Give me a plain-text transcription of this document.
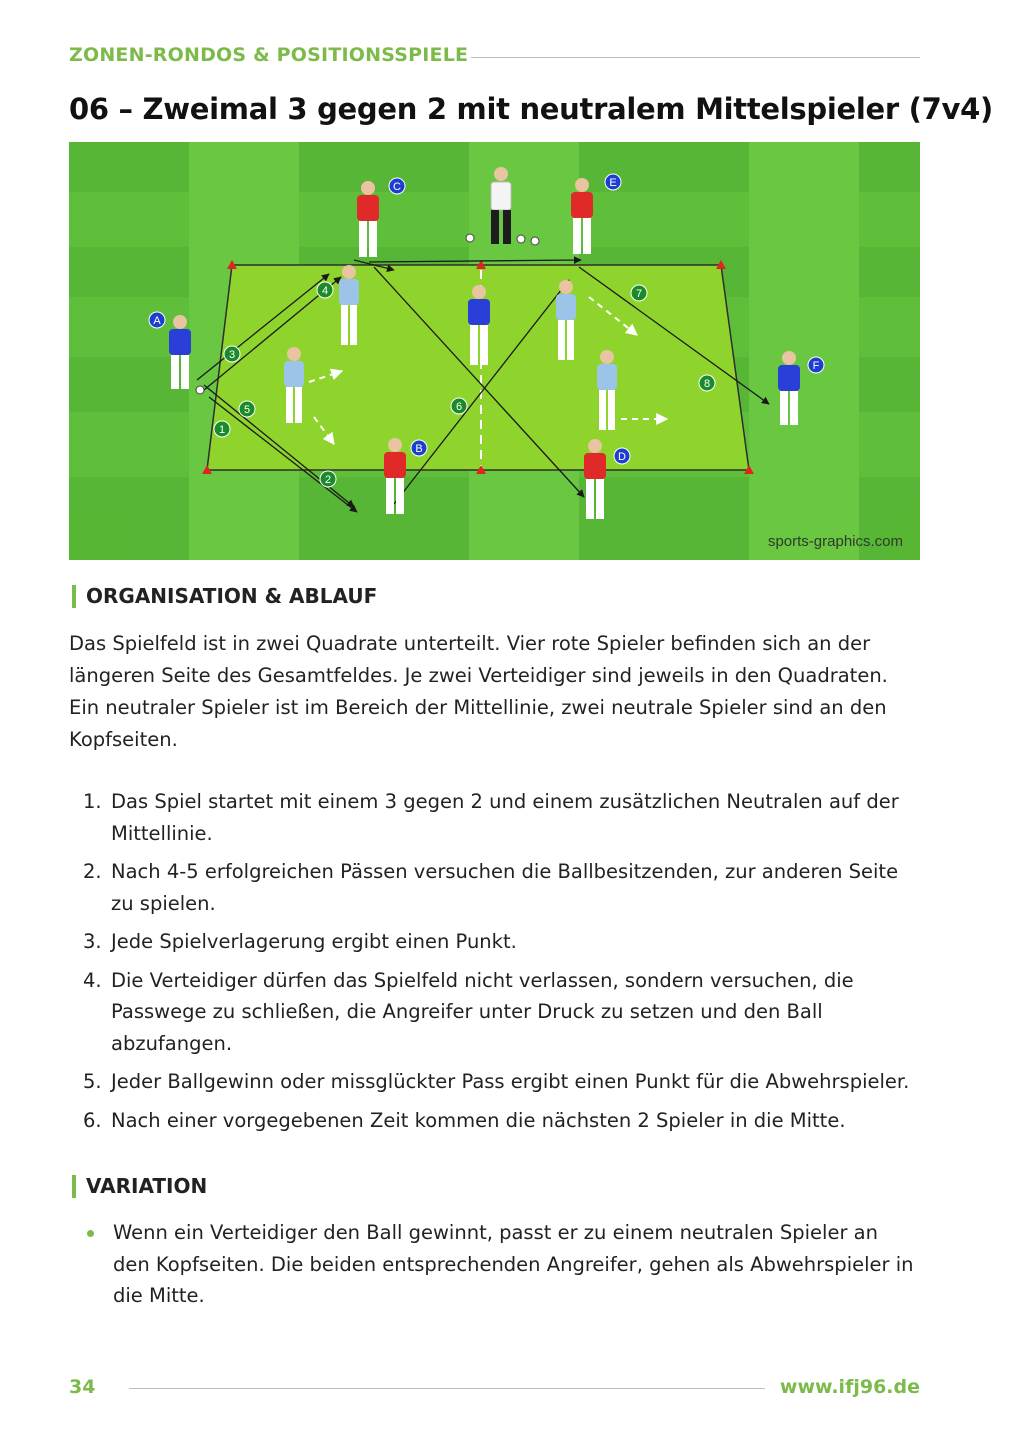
ZONEN-RONDOS & POSITIONSSPIELE
06 – Zweimal 3 gegen 2 mit neutralem Mittelspieler (7v4)
A
B
C
D
E
F
1
2
3
4
5	6
7
8
sports-graphics.com
ORGANISATION & ABLAUF
Das Spielfeld ist in zwei Quadrate unterteilt. Vier rote Spieler befinden sich an der längeren Seite des Gesamtfeldes. Je zwei Verteidiger sind jeweils in den Quadraten. Ein neutraler Spieler ist im Bereich der Mittellinie, zwei neutrale Spieler sind an den Kopfseiten.
1. Das Spiel startet mit einem 3 gegen 2 und einem zusätzlichen Neutralen auf der Mittellinie.
2. Nach 4-5 erfolgreichen Pässen versuchen die Ballbesitzenden, zur anderen Seite zu spielen.
3. Jede Spielverlagerung ergibt einen Punkt.
4. Die Verteidiger dürfen das Spielfeld nicht verlassen, sondern versuchen, die Passwege zu schließen, die Angreifer unter Druck zu setzen und den Ball abzufangen.
5. Jeder Ballgewinn oder missglückter Pass ergibt einen Punkt für die Abwehrspieler.
6. Nach einer vorgegebenen Zeit kommen die nächsten 2 Spieler in die Mitte.
VARIATION
Wenn ein Verteidiger den Ball gewinnt, passt er zu einem neutralen Spieler an den Kopfseiten. Die beiden entsprechenden Angreifer, gehen als Abwehrspieler in die Mitte.
34	www.ifj96.de
